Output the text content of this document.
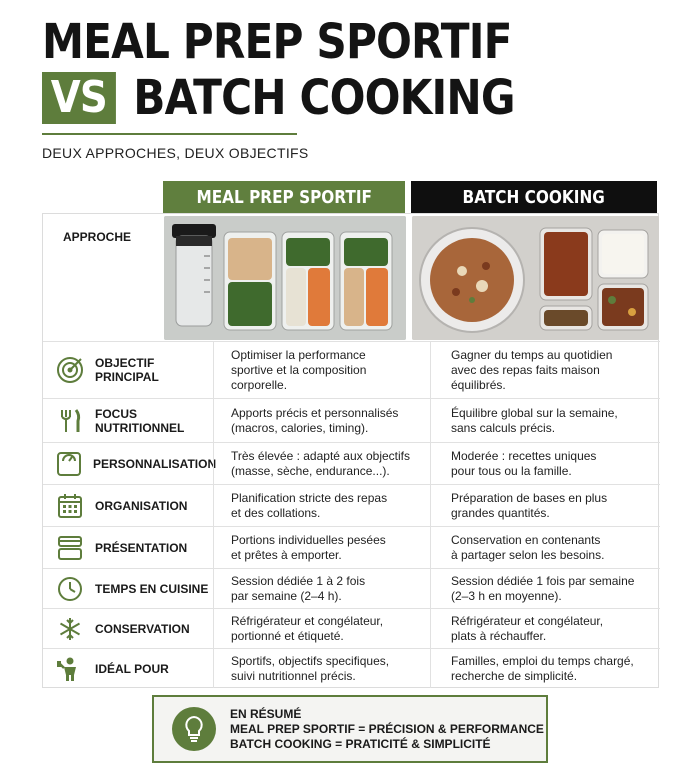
MEAL PREP SPORTIF
VS BATCH COOKING
DEUX APPROCHES, DEUX OBJECTIFS
MEAL PREP SPORTIF	BATCH COOKING
APPROCHE
OBJECTIF
PRINCIPAL
Optimiser la performance
sportive et la composition
corporelle.
Gagner du temps au quotidien
avec des repas faits maison
équilibrés.
FOCUS
NUTRITIONNEL
Apports précis et personnalisés
(macros, calories, timing).
Équilibre global sur la semaine,
sans calculs précis.
PERSONNALISATION
Très élevée : adapté aux objectifs
(masse, sèche, endurance...).
Moderée : recettes uniques
pour tous ou la famille.
ORGANISATION
Planification stricte des repas
et des collations.
Préparation de bases en plus
grandes quantités.
PRÉSENTATION
Portions individuelles pesées
et prêtes à emporter.
Conservation en contenants
à partager selon les besoins.
TEMPS EN CUISINE
Session dédiée 1 à 2 fois
par semaine (2–4 h).
Session dédiée 1 fois par semaine
(2–3 h en moyenne).
CONSERVATION
Réfrigérateur et congélateur,
portionné et étiqueté.
Réfrigérateur et congélateur,
plats à réchauffer.
IDÉAL POUR
Sportifs, objectifs specifiques,
suivi nutritionnel précis.
Familles, emploi du temps chargé,
recherche de simplicité.
EN RÉSUMÉ
MEAL PREP SPORTIF = PRÉCISION & PERFORMANCE
BATCH COOKING = PRATICITÉ & SIMPLICITÉ
